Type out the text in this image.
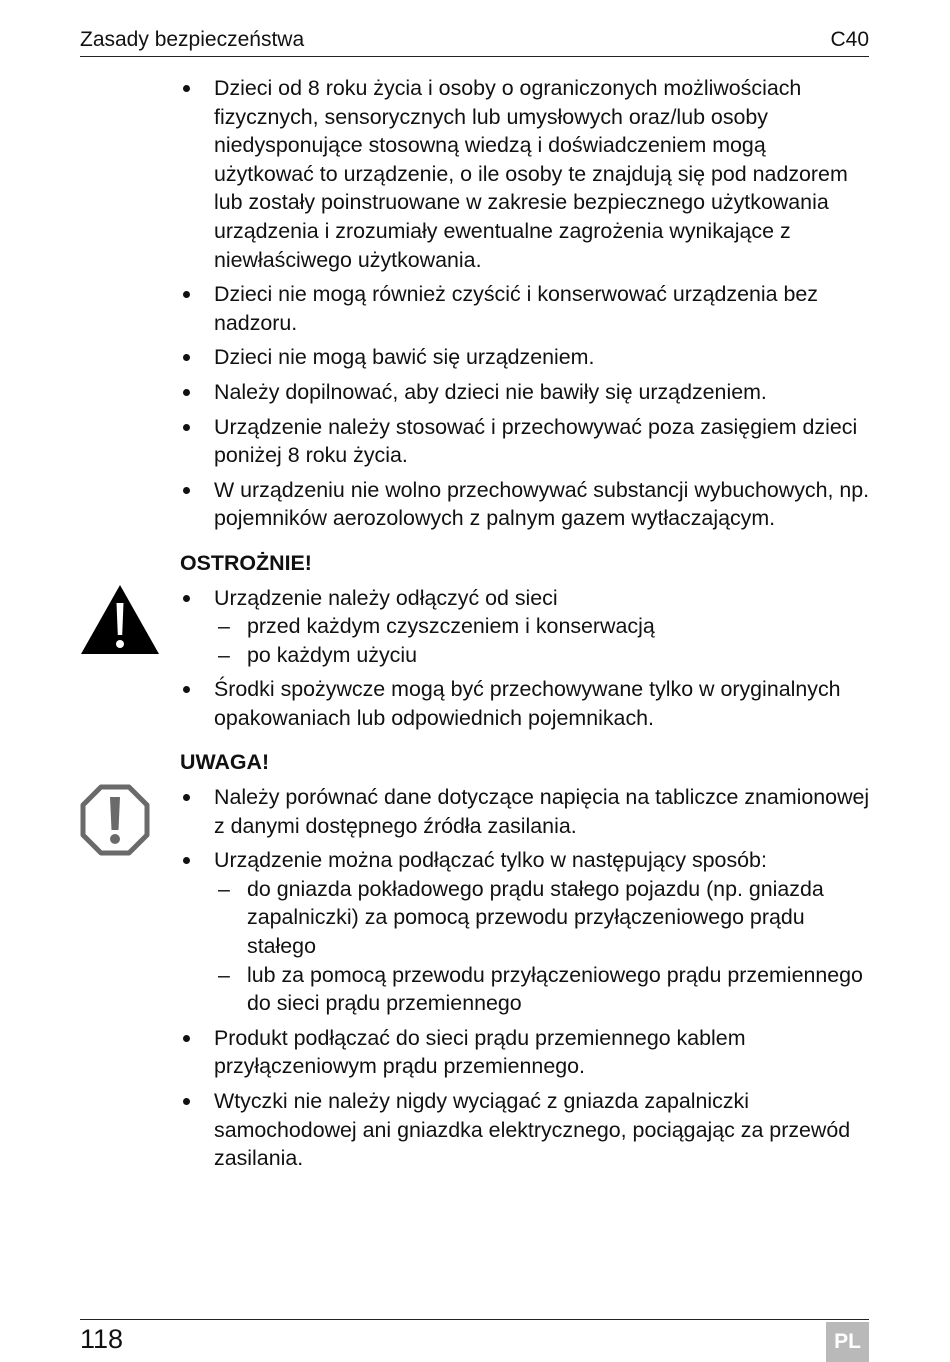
Zasady bezpieczeństwa	C40
Dzieci od 8 roku życia i osoby o ograniczonych możliwościach fizycznych, sensorycznych lub umysłowych oraz/lub osoby niedysponujące stosowną wiedzą i doświadczeniem mogą użytkować to urządzenie, o ile osoby te znajdują się pod nadzorem lub zostały poinstruowane w zakresie bezpiecznego użytkowania urządzenia i zrozumiały ewentualne zagrożenia wynikające z niewłaściwego użytkowania.
Dzieci nie mogą również czyścić i konserwować urządzenia bez nadzoru.
Dzieci nie mogą bawić się urządzeniem.
Należy dopilnować, aby dzieci nie bawiły się urządzeniem.
Urządzenie należy stosować i przechowywać poza zasięgiem dzieci poniżej 8 roku życia.
W urządzeniu nie wolno przechowywać substancji wybuchowych, np. pojemników aerozolowych z palnym gazem wytłaczającym.
OSTROŻNIE!
Urządzenie należy odłączyć od sieci
– przed każdym czyszczeniem i konserwacją
– po każdym użyciu
Środki spożywcze mogą być przechowywane tylko w oryginalnych opakowaniach lub odpowiednich pojemnikach.
UWAGA!
Należy porównać dane dotyczące napięcia na tabliczce znamionowej z danymi dostępnego źródła zasilania.
Urządzenie można podłączać tylko w następujący sposób:
– do gniazda pokładowego prądu stałego pojazdu (np. gniazda zapalniczki) za pomocą przewodu przyłączeniowego prądu stałego
– lub za pomocą przewodu przyłączeniowego prądu przemiennego do sieci prądu przemiennego
Produkt podłączać do sieci prądu przemiennego kablem przyłączeniowym prądu przemiennego.
Wtyczki nie należy nigdy wyciągać z gniazda zapalniczki samochodowej ani gniazdka elektrycznego, pociągając za przewód zasilania.
118	PL
